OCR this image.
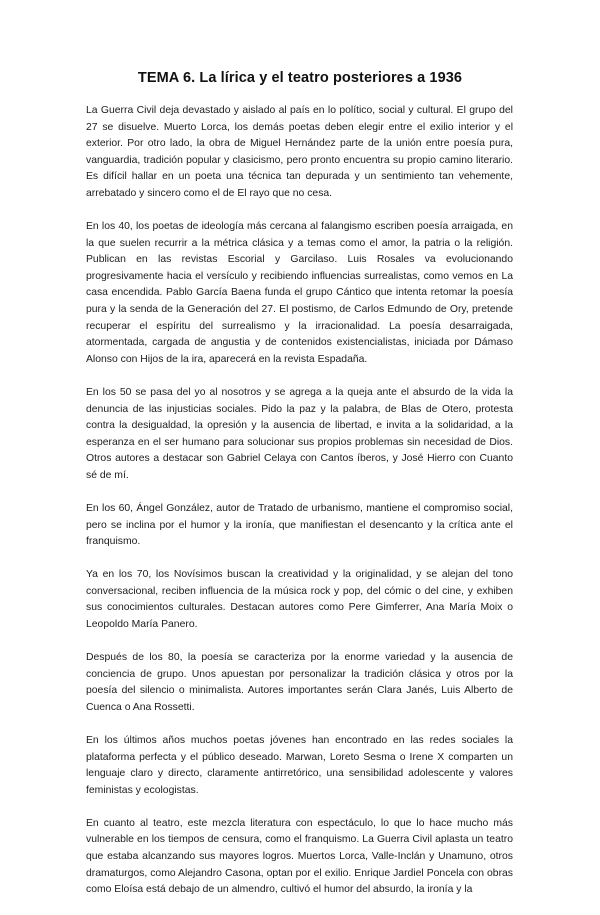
TEMA 6. La lírica y el teatro posteriores a 1936

La Guerra Civil deja devastado y aislado al país en lo político, social y cultural. El grupo del 27 se disuelve. Muerto Lorca, los demás poetas deben elegir entre el exilio interior y el exterior. Por otro lado, la obra de Miguel Hernández parte de la unión entre poesía pura, vanguardia, tradición popular y clasicismo, pero pronto encuentra su propio camino literario. Es difícil hallar en un poeta una técnica tan depurada y un sentimiento tan vehemente, arrebatado y sincero como el de El rayo que no cesa.

En los 40, los poetas de ideología más cercana al falangismo escriben poesía arraigada, en la que suelen recurrir a la métrica clásica y a temas como el amor, la patria o la religión. Publican en las revistas Escorial y Garcilaso. Luis Rosales va evolucionando progresivamente hacia el versículo y recibiendo influencias surrealistas, como vemos en La casa encendida. Pablo García Baena funda el grupo Cántico que intenta retomar la poesía pura y la senda de la Generación del 27. El postismo, de Carlos Edmundo de Ory, pretende recuperar el espíritu del surrealismo y la irracionalidad. La poesía desarraigada, atormentada, cargada de angustia y de contenidos existencialistas, iniciada por Dámaso Alonso con Hijos de la ira, aparecerá en la revista Espadaña.

En los 50 se pasa del yo al nosotros y se agrega a la queja ante el absurdo de la vida la denuncia de las injusticias sociales. Pido la paz y la palabra, de Blas de Otero, protesta contra la desigualdad, la opresión y la ausencia de libertad, e invita a la solidaridad, a la esperanza en el ser humano para solucionar sus propios problemas sin necesidad de Dios. Otros autores a destacar son Gabriel Celaya con Cantos íberos, y José Hierro con Cuanto sé de mí.

En los 60, Ángel González, autor de Tratado de urbanismo, mantiene el compromiso social, pero se inclina por el humor y la ironía, que manifiestan el desencanto y la crítica ante el franquismo.

Ya en los 70, los Novísimos buscan la creatividad y la originalidad, y se alejan del tono conversacional, reciben influencia de la música rock y pop, del cómic o del cine, y exhiben sus conocimientos culturales. Destacan autores como Pere Gimferrer, Ana María Moix o Leopoldo María Panero.

Después de los 80, la poesía se caracteriza por la enorme variedad y la ausencia de conciencia de grupo. Unos apuestan por personalizar la tradición clásica y otros por la poesía del silencio o minimalista. Autores importantes serán Clara Janés, Luis Alberto de Cuenca o Ana Rossetti.

En los últimos años muchos poetas jóvenes han encontrado en las redes sociales la plataforma perfecta y el público deseado. Marwan, Loreto Sesma o Irene X comparten un lenguaje claro y directo, claramente antirretórico, una sensibilidad adolescente y valores feministas y ecologistas.

En cuanto al teatro, este mezcla literatura con espectáculo, lo que lo hace mucho más vulnerable en los tiempos de censura, como el franquismo. La Guerra Civil aplasta un teatro que estaba alcanzando sus mayores logros. Muertos Lorca, Valle-Inclán y Unamuno, otros dramaturgos, como Alejandro Casona, optan por el exilio. Enrique Jardiel Poncela con obras como Eloísa está debajo de un almendro, cultivó el humor del absurdo, la ironía y la
